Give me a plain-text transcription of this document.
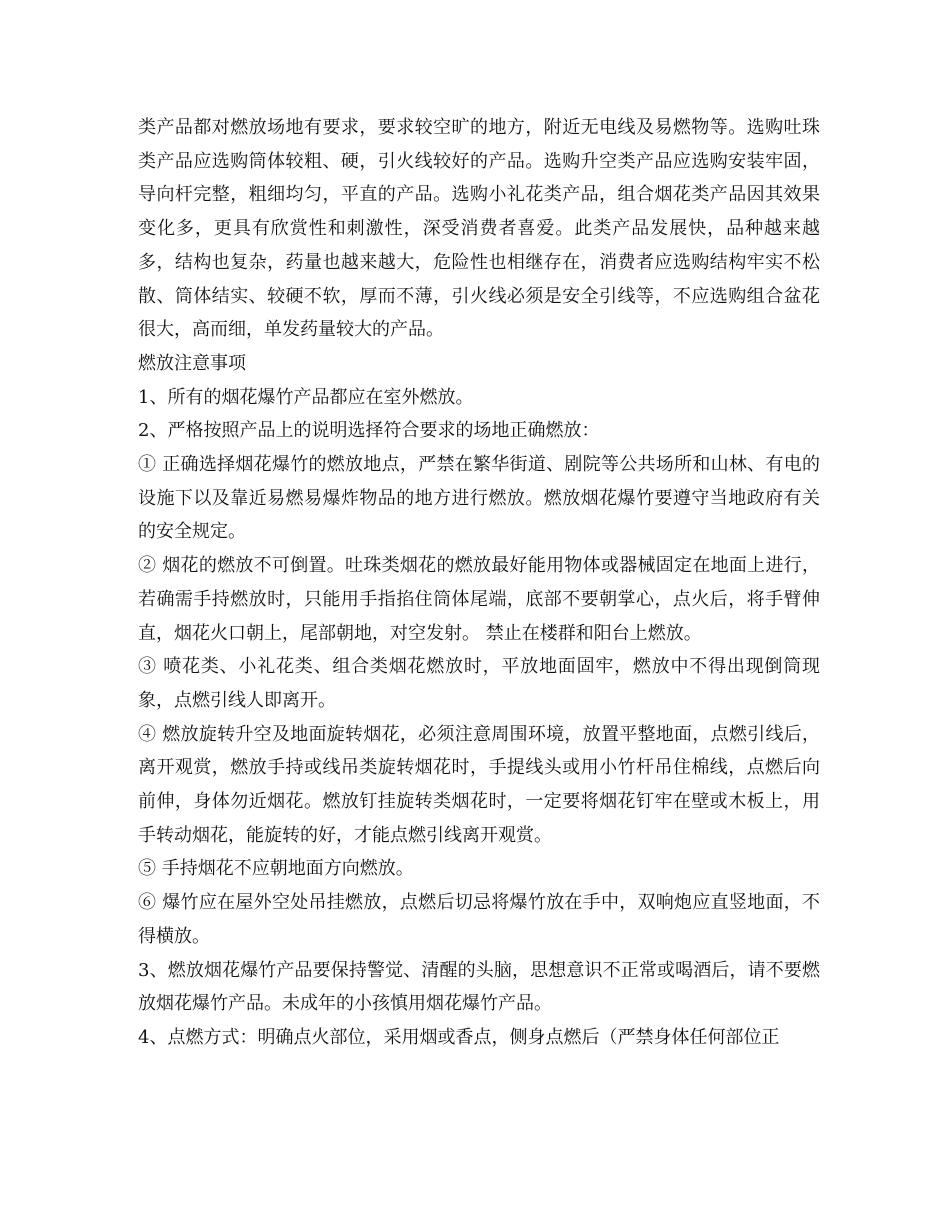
类产品都对燃放场地有要求，要求较空旷的地方，附近无电线及易燃物等。选购吐珠类产品应选购筒体较粗、硬，引火线较好的产品。选购升空类产品应选购安装牢固，导向杆完整，粗细均匀，平直的产品。选购小礼花类产品，组合烟花类产品因其效果变化多，更具有欣赏性和刺激性，深受消费者喜爱。此类产品发展快，品种越来越多，结构也复杂，药量也越来越大，危险性也相继存在，消费者应选购结构牢实不松散、筒体结实、较硬不软，厚而不薄，引火线必须是安全引线等，不应选购组合盆花很大，高而细，单发药量较大的产品。

燃放注意事项

1、所有的烟花爆竹产品都应在室外燃放。

2、严格按照产品上的说明选择符合要求的场地正确燃放：

① 正确选择烟花爆竹的燃放地点，严禁在繁华街道、剧院等公共场所和山林、有电的设施下以及靠近易燃易爆炸物品的地方进行燃放。燃放烟花爆竹要遵守当地政府有关的安全规定。

② 烟花的燃放不可倒置。吐珠类烟花的燃放最好能用物体或器械固定在地面上进行，若确需手持燃放时，只能用手指掐住筒体尾端，底部不要朝掌心，点火后，将手臂伸直，烟花火口朝上，尾部朝地，对空发射。 禁止在楼群和阳台上燃放。

③ 喷花类、小礼花类、组合类烟花燃放时，平放地面固牢，燃放中不得出现倒筒现象，点燃引线人即离开。

④ 燃放旋转升空及地面旋转烟花，必须注意周围环境，放置平整地面，点燃引线后，离开观赏，燃放手持或线吊类旋转烟花时，手提线头或用小竹杆吊住棉线，点燃后向前伸，身体勿近烟花。燃放钉挂旋转类烟花时，一定要将烟花钉牢在壁或木板上，用手转动烟花，能旋转的好，才能点燃引线离开观赏。

⑤ 手持烟花不应朝地面方向燃放。

⑥ 爆竹应在屋外空处吊挂燃放，点燃后切忌将爆竹放在手中，双响炮应直竖地面，不得横放。

3、燃放烟花爆竹产品要保持警觉、清醒的头脑，思想意识不正常或喝酒后，请不要燃放烟花爆竹产品。未成年的小孩慎用烟花爆竹产品。

4、点燃方式：明确点火部位，采用烟或香点，侧身点燃后（严禁身体任何部位正
